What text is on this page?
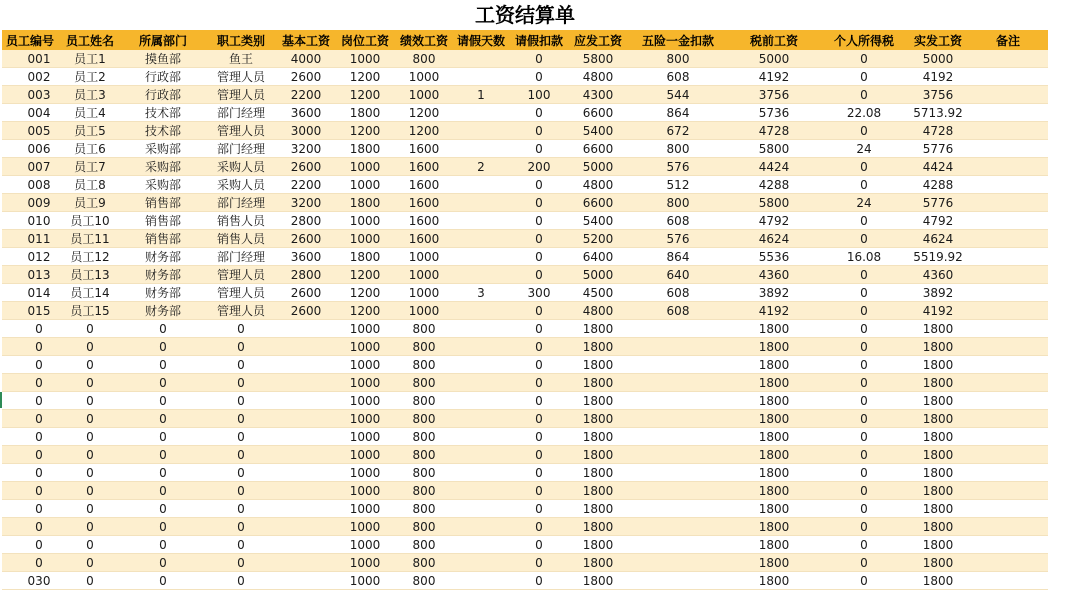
工资结算单
员工编号	员工姓名	所属部门	职工类别	基本工资	岗位工资	绩效工资	请假天数	请假扣款	应发工资	五险一金扣款	税前工资	个人所得税	实发工资	备注
001	员工1	摸鱼部	鱼王	4000	1000	800		0	5800	800	5000	0	5000	
002	员工2	行政部	管理人员	2600	1200	1000		0	4800	608	4192	0	4192	
003	员工3	行政部	管理人员	2200	1200	1000	1	100	4300	544	3756	0	3756	
004	员工4	技术部	部门经理	3600	1800	1200		0	6600	864	5736	22.08	5713.92	
005	员工5	技术部	管理人员	3000	1200	1200		0	5400	672	4728	0	4728	
006	员工6	采购部	部门经理	3200	1800	1600		0	6600	800	5800	24	5776	
007	员工7	采购部	采购人员	2600	1000	1600	2	200	5000	576	4424	0	4424	
008	员工8	采购部	采购人员	2200	1000	1600		0	4800	512	4288	0	4288	
009	员工9	销售部	部门经理	3200	1800	1600		0	6600	800	5800	24	5776	
010	员工10	销售部	销售人员	2800	1000	1600		0	5400	608	4792	0	4792	
011	员工11	销售部	销售人员	2600	1000	1600		0	5200	576	4624	0	4624	
012	员工12	财务部	部门经理	3600	1800	1000		0	6400	864	5536	16.08	5519.92	
013	员工13	财务部	管理人员	2800	1200	1000		0	5000	640	4360	0	4360	
014	员工14	财务部	管理人员	2600	1200	1000	3	300	4500	608	3892	0	3892	
015	员工15	财务部	管理人员	2600	1200	1000		0	4800	608	4192	0	4192	
0	0	0	0		1000	800		0	1800		1800	0	1800	
0	0	0	0		1000	800		0	1800		1800	0	1800	
0	0	0	0		1000	800		0	1800		1800	0	1800	
0	0	0	0		1000	800		0	1800		1800	0	1800	
0	0	0	0		1000	800		0	1800		1800	0	1800	
0	0	0	0		1000	800		0	1800		1800	0	1800	
0	0	0	0		1000	800		0	1800		1800	0	1800	
0	0	0	0		1000	800		0	1800		1800	0	1800	
0	0	0	0		1000	800		0	1800		1800	0	1800	
0	0	0	0		1000	800		0	1800		1800	0	1800	
0	0	0	0		1000	800		0	1800		1800	0	1800	
0	0	0	0		1000	800		0	1800		1800	0	1800	
0	0	0	0		1000	800		0	1800		1800	0	1800	
0	0	0	0		1000	800		0	1800		1800	0	1800	
030	0	0	0		1000	800		0	1800		1800	0	1800	
